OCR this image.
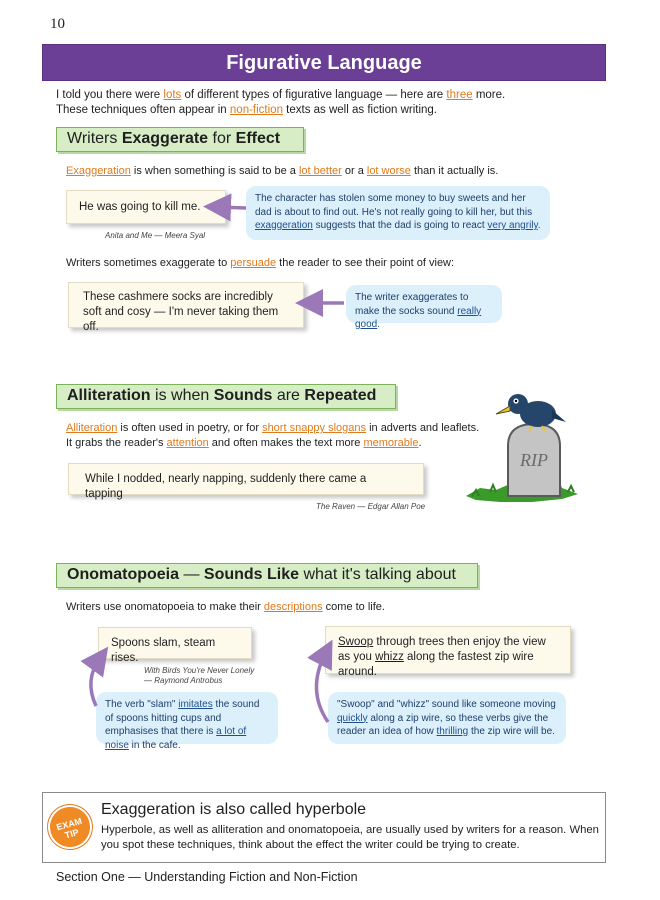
10
Figurative Language
I told you there were lots of different types of figurative language — here are three more.
These techniques often appear in non-fiction texts as well as fiction writing.
Writers Exaggerate for Effect
Exaggeration is when something is said to be a lot better or a lot worse than it actually is.
He was going to kill me.
Anita and Me — Meera Syal
The character has stolen some money to buy sweets and her dad is about to find out. He's not really going to kill her, but this exaggeration suggests that the dad is going to react very angrily.
Writers sometimes exaggerate to persuade the reader to see their point of view:
These cashmere socks are incredibly soft and cosy — I'm never taking them off.
The writer exaggerates to make the socks sound really good.
Alliteration is when Sounds are Repeated
Alliteration is often used in poetry, or for short snappy slogans in adverts and leaflets. It grabs the reader's attention and often makes the text more memorable.
While I nodded, nearly napping, suddenly there came a tapping
The Raven — Edgar Allan Poe
RIP
Onomatopoeia — Sounds Like what it's talking about
Writers use onomatopoeia to make their descriptions come to life.
Spoons slam, steam rises.
With Birds You're Never Lonely — Raymond Antrobus
Swoop through trees then enjoy the view as you whizz along the fastest zip wire around.
The verb "slam" imitates the sound of spoons hitting cups and emphasises that there is a lot of noise in the cafe.
"Swoop" and "whizz" sound like someone moving quickly along a zip wire, so these verbs give the reader an idea of how thrilling the zip wire will be.
EXAM TIP
Exaggeration is also called hyperbole
Hyperbole, as well as alliteration and onomatopoeia, are usually used by writers for a reason. When you spot these techniques, think about the effect the writer could be trying to create.
Section One — Understanding Fiction and Non-Fiction
